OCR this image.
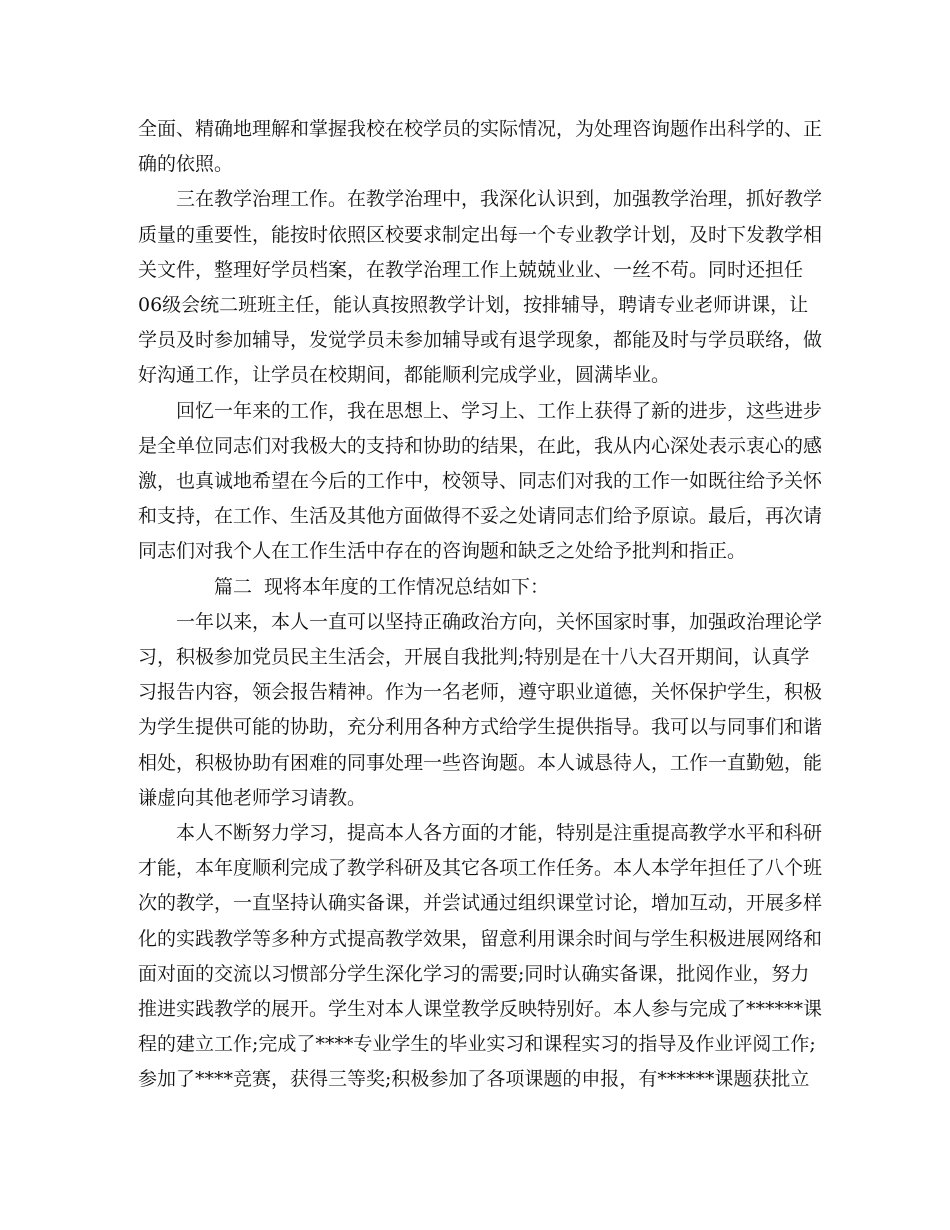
全面、精确地理解和掌握我校在校学员的实际情况，为处理咨询题作出科学的、正
确的依照。

三在教学治理工作。在教学治理中，我深化认识到，加强教学治理，抓好教学
质量的重要性，能按时依照区校要求制定出每一个专业教学计划，及时下发教学相
关文件，整理好学员档案，在教学治理工作上兢兢业业、一丝不苟。同时还担任
06级会统二班班主任，能认真按照教学计划，按排辅导，聘请专业老师讲课，让
学员及时参加辅导，发觉学员未参加辅导或有退学现象，都能及时与学员联络，做
好沟通工作，让学员在校期间，都能顺利完成学业，圆满毕业。

回忆一年来的工作，我在思想上、学习上、工作上获得了新的进步，这些进步
是全单位同志们对我极大的支持和协助的结果，在此，我从内心深处表示衷心的感
激，也真诚地希望在今后的工作中，校领导、同志们对我的工作一如既往给予关怀
和支持，在工作、生活及其他方面做得不妥之处请同志们给予原谅。最后，再次请
同志们对我个人在工作生活中存在的咨询题和缺乏之处给予批判和指正。

篇二 现将本年度的工作情况总结如下：

一年以来，本人一直可以坚持正确政治方向，关怀国家时事，加强政治理论学
习，积极参加党员民主生活会，开展自我批判;特别是在十八大召开期间，认真学
习报告内容，领会报告精神。作为一名老师，遵守职业道德，关怀保护学生，积极
为学生提供可能的协助，充分利用各种方式给学生提供指导。我可以与同事们和谐
相处，积极协助有困难的同事处理一些咨询题。本人诚恳待人，工作一直勤勉，能
谦虚向其他老师学习请教。

本人不断努力学习，提高本人各方面的才能，特别是注重提高教学水平和科研
才能，本年度顺利完成了教学科研及其它各项工作任务。本人本学年担任了八个班
次的教学，一直坚持认确实备课，并尝试通过组织课堂讨论，增加互动，开展多样
化的实践教学等多种方式提高教学效果，留意利用课余时间与学生积极进展网络和
面对面的交流以习惯部分学生深化学习的需要;同时认确实备课，批阅作业，努力
推进实践教学的展开。学生对本人课堂教学反映特别好。本人参与完成了******课
程的建立工作;完成了****专业学生的毕业实习和课程实习的指导及作业评阅工作;
参加了****竞赛，获得三等奖;积极参加了各项课题的申报，有******课题获批立
